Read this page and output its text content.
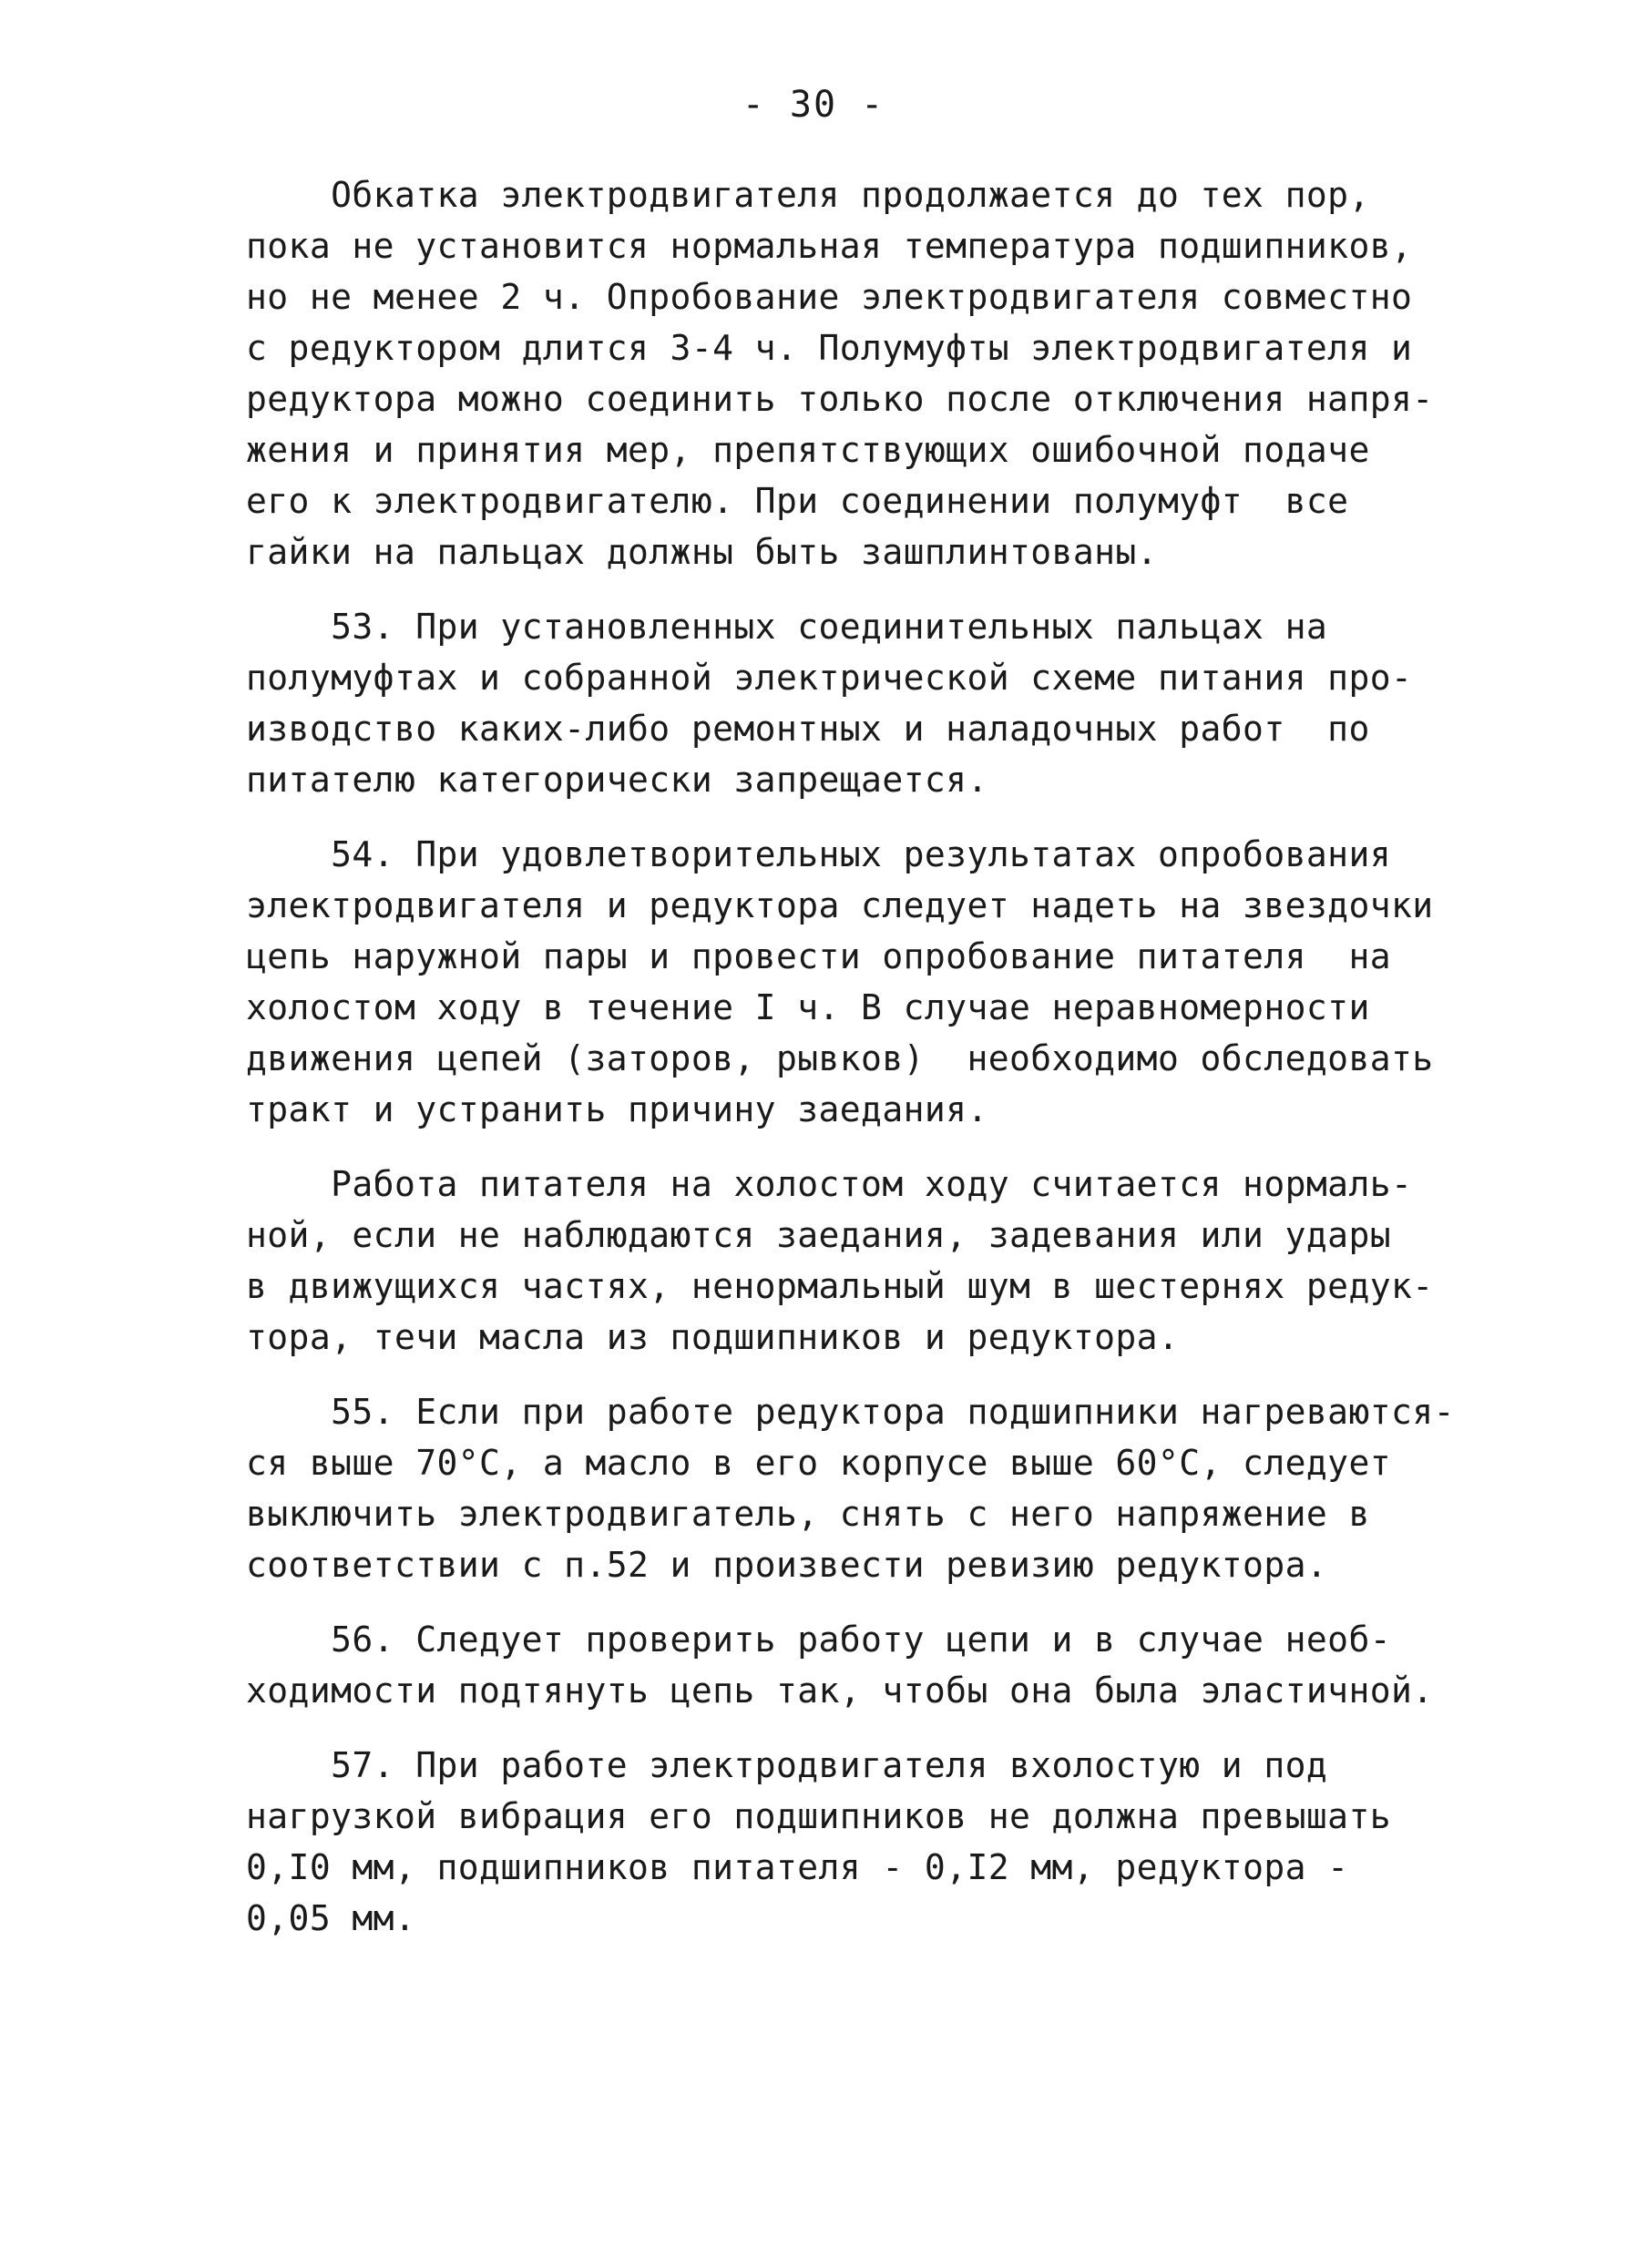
- 30 -
Обкатка электродвигателя продолжается до тех пор,
пока не установится нормальная температура подшипников,
но не менее 2 ч. Опробование электродвигателя совместно
с редуктором длится 3-4 ч. Полумуфты электродвигателя и
редуктора можно соединить только после отключения напря-
жения и принятия мер, препятствующих ошибочной подаче
его к электродвигателю. При соединении полумуфт  все
гайки на пальцах должны быть зашплинтованы.
53. При установленных соединительных пальцах на
полумуфтах и собранной электрической схеме питания про-
изводство каких-либо ремонтных и наладочных работ  по
питателю категорически запрещается.
54. При удовлетворительных результатах опробования
электродвигателя и редуктора следует надеть на звездочки
цепь наружной пары и провести опробование питателя  на
холостом ходу в течение I ч. В случае неравномерности
движения цепей (заторов, рывков)  необходимо обследовать
тракт и устранить причину заедания.
Работа питателя на холостом ходу считается нормаль-
ной, если не наблюдаются заедания, задевания или удары
в движущихся частях, ненормальный шум в шестернях редук-
тора, течи масла из подшипников и редуктора.
55. Если при работе редуктора подшипники нагреваются-
ся выше 70°С, а масло в его корпусе выше 60°С, следует
выключить электродвигатель, снять с него напряжение в
соответствии с п.52 и произвести ревизию редуктора.
56. Следует проверить работу цепи и в случае необ-
ходимости подтянуть цепь так, чтобы она была эластичной.
57. При работе электродвигателя вхолостую и под
нагрузкой вибрация его подшипников не должна превышать
0,I0 мм, подшипников питателя - 0,I2 мм, редуктора -
0,05 мм.
